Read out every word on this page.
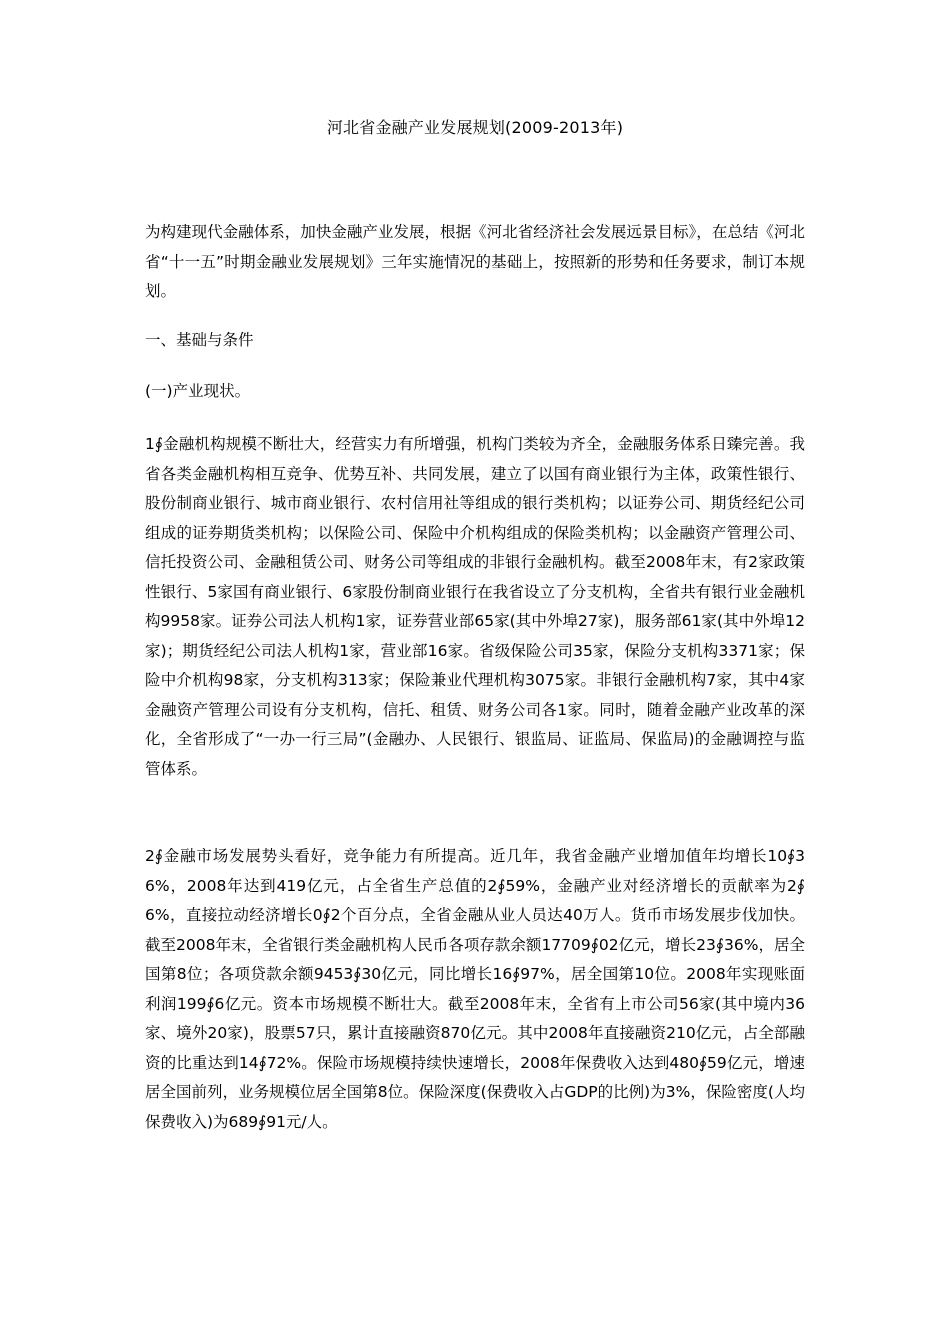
河北省金融产业发展规划(2009-2013年)
为构建现代金融体系，加快金融产业发展，根据《河北省经济社会发展远景目标》，在总结《河北省“十一五”时期金融业发展规划》三年实施情况的基础上，按照新的形势和任务要求，制订本规划。
一、基础与条件
(一)产业现状。
1∮金融机构规模不断壮大，经营实力有所增强，机构门类较为齐全，金融服务体系日臻完善。我省各类金融机构相互竞争、优势互补、共同发展，建立了以国有商业银行为主体，政策性银行、股份制商业银行、城市商业银行、农村信用社等组成的银行类机构；以证券公司、期货经纪公司组成的证券期货类机构；以保险公司、保险中介机构组成的保险类机构；以金融资产管理公司、信托投资公司、金融租赁公司、财务公司等组成的非银行金融机构。截至2008年末，有2家政策性银行、5家国有商业银行、6家股份制商业银行在我省设立了分支机构，全省共有银行业金融机构9958家。证券公司法人机构1家，证券营业部65家(其中外埠27家)，服务部61家(其中外埠12家)；期货经纪公司法人机构1家，营业部16家。省级保险公司35家，保险分支机构3371家；保险中介机构98家，分支机构313家；保险兼业代理机构3075家。非银行金融机构7家，其中4家金融资产管理公司设有分支机构，信托、租赁、财务公司各1家。同时，随着金融产业改革的深化，全省形成了“一办一行三局”(金融办、人民银行、银监局、证监局、保监局)的金融调控与监管体系。
2∮金融市场发展势头看好，竞争能力有所提高。近几年，我省金融产业增加值年均增长10∮36%，2008年达到419亿元，占全省生产总值的2∮59%，金融产业对经济增长的贡献率为2∮6%，直接拉动经济增长0∮2个百分点，全省金融从业人员达40万人。货币市场发展步伐加快。截至2008年末，全省银行类金融机构人民币各项存款余额17709∮02亿元，增长23∮36%，居全国第8位；各项贷款余额9453∮30亿元，同比增长16∮97%，居全国第10位。2008年实现账面利润199∮6亿元。资本市场规模不断壮大。截至2008年末，全省有上市公司56家(其中境内36家、境外20家)，股票57只，累计直接融资870亿元。其中2008年直接融资210亿元，占全部融资的比重达到14∮72%。保险市场规模持续快速增长，2008年保费收入达到480∮59亿元，增速居全国前列，业务规模位居全国第8位。保险深度(保费收入占GDP的比例)为3%，保险密度(人均保费收入)为689∮91元/人。
